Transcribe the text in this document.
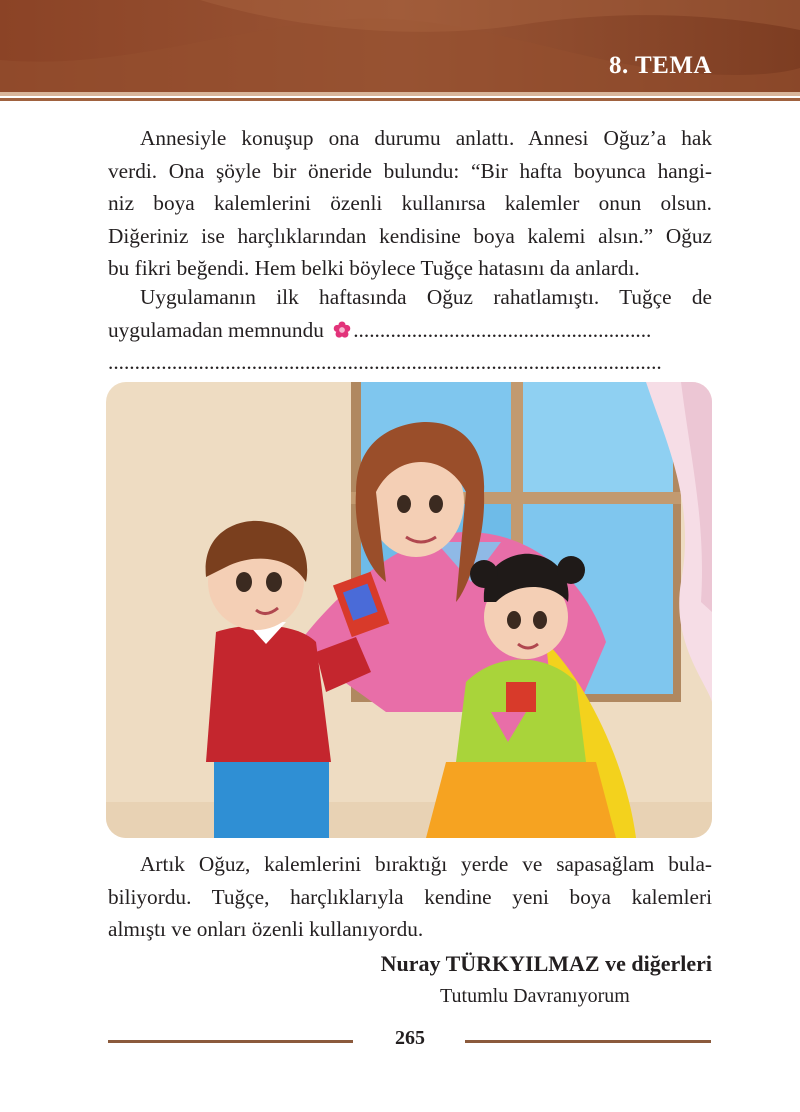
8. TEMA
Annesiyle konuşup ona durumu anlattı. Annesi Oğuz’a hak
verdi. Ona şöyle bir öneride bulundu: “Bir hafta boyunca hangi-
niz boya kalemlerini özenli kullanırsa kalemler onun olsun.
Diğeriniz ise harçlıklarından kendisine boya kalemi alsın.” Oğuz
bu fikri beğendi. Hem belki böylece Tuğçe hatasını da anlardı.
Uygulamanın ilk haftasında Oğuz rahatlamıştı. Tuğçe de
uygulamadan memnundu ........................................................
........................................................................................................
Artık Oğuz, kalemlerini bıraktığı yerde ve sapasağlam bula-
biliyordu. Tuğçe, harçlıklarıyla kendine yeni boya kalemleri
almıştı ve onları özenli kullanıyordu.
Nuray TÜRKYILMAZ ve diğerleri
Tutumlu Davranıyorum
265
